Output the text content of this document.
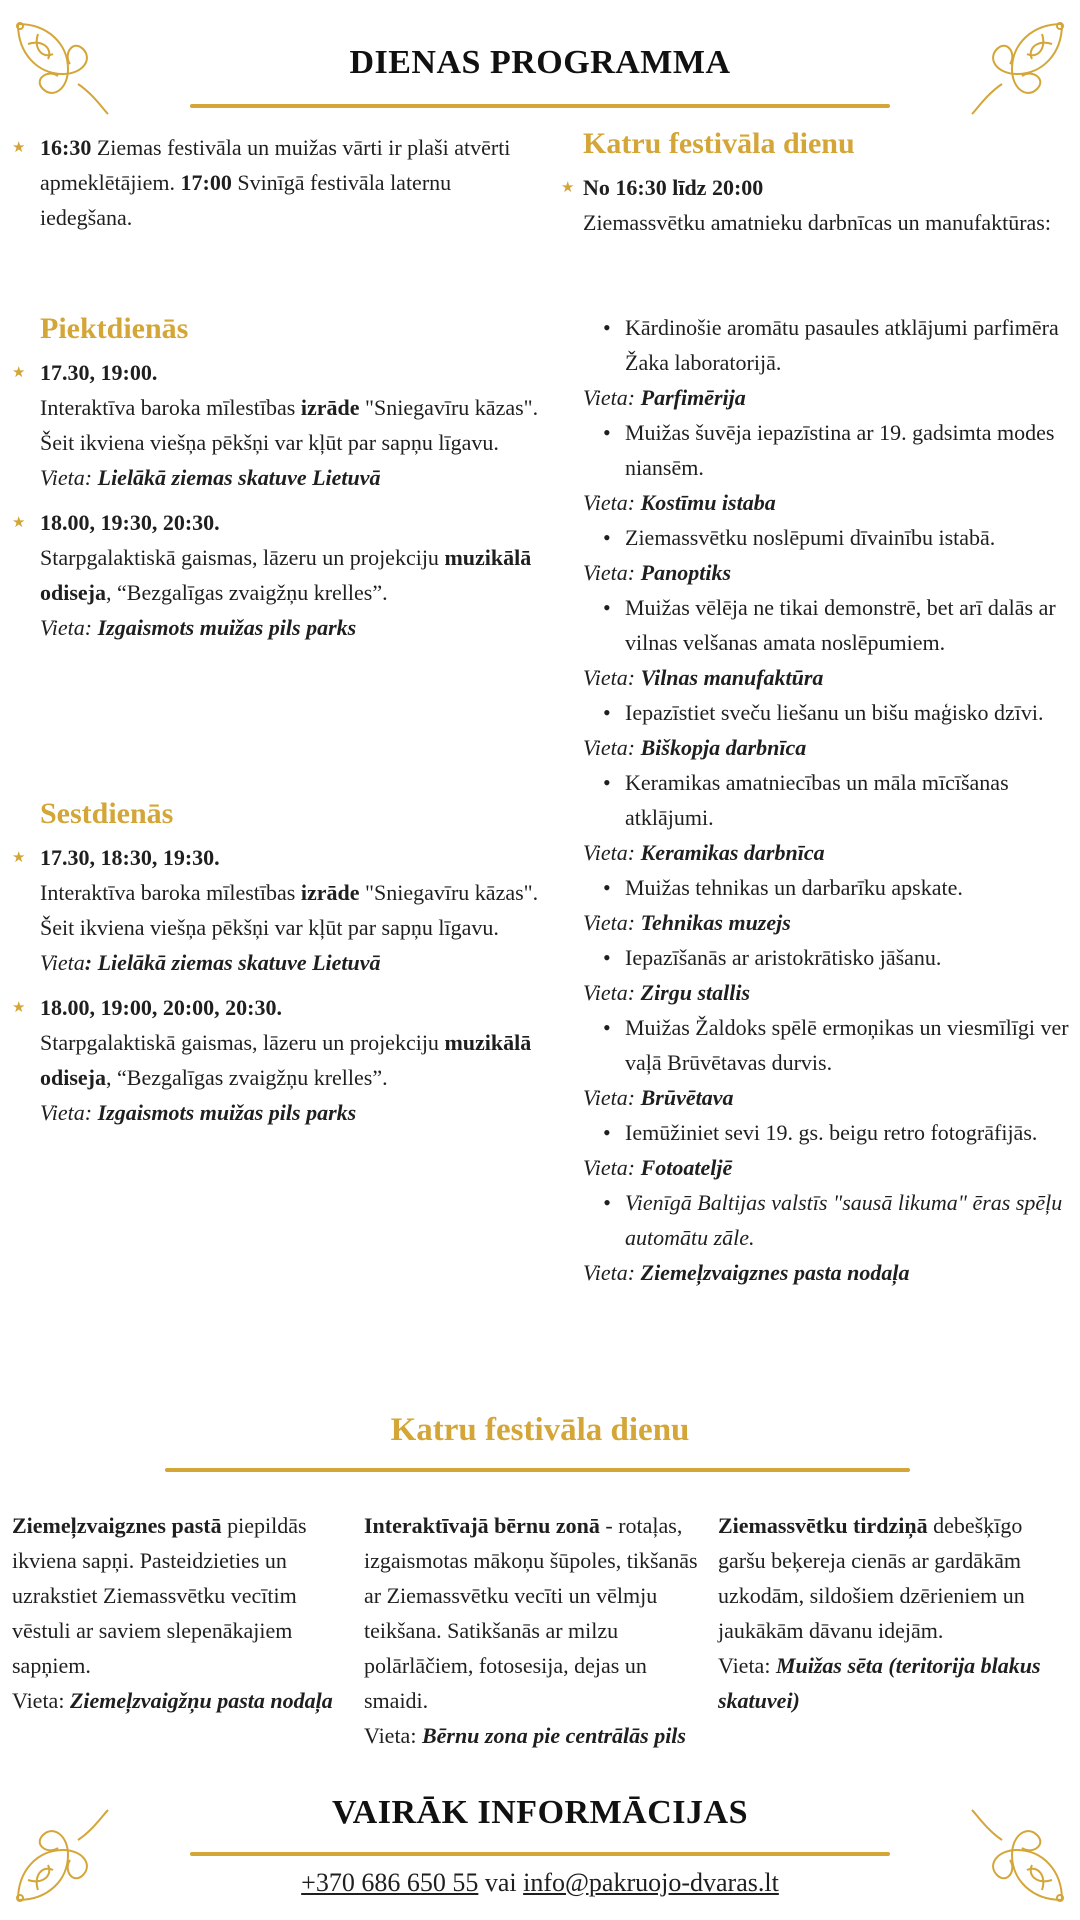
DIENAS PROGRAMMA
★ 16:30 Ziemas festivāla un muižas vārti ir plaši atvērti apmeklētājiem. 17:00 Svinīgā festivāla laternu iedegšana.
Piektdienās
★ 17.30, 19:00.
Interaktīva baroka mīlestības izrāde "Sniegavīru kāzas". Šeit ikviena viešņa pēkšņi var kļūt par sapņu līgavu.
Vieta: Lielākā ziemas skatuve Lietuvā
★ 18.00, 19:30, 20:30.
Starpgalaktiskā gaismas, lāzeru un projekciju muzikālā odiseja, “Bezgalīgas zvaigžņu krelles”.
Vieta: Izgaismots muižas pils parks
Sestdienās
★ 17.30, 18:30, 19:30.
Interaktīva baroka mīlestības izrāde "Sniegavīru kāzas". Šeit ikviena viešņa pēkšņi var kļūt par sapņu līgavu.
Vieta: Lielākā ziemas skatuve Lietuvā
★ 18.00, 19:00, 20:00, 20:30.
Starpgalaktiskā gaismas, lāzeru un projekciju muzikālā odiseja, “Bezgalīgas zvaigžņu krelles”.
Vieta: Izgaismots muižas pils parks
Katru festivāla dienu
★ No 16:30 līdz 20:00
Ziemassvētku amatnieku darbnīcas un manufaktūras:
• Kārdinošie aromātu pasaules atklājumi parfimēra Žaka laboratorijā.
Vieta: Parfimērija
• Muižas šuvēja iepazīstina ar 19. gadsimta modes niansēm.
Vieta: Kostīmu istaba
• Ziemassvētku noslēpumi dīvainību istabā.
Vieta: Panoptiks
• Muižas vēlēja ne tikai demonstrē, bet arī dalās ar vilnas velšanas amata noslēpumiem.
Vieta: Vilnas manufaktūra
• Iepazīstiet sveču liešanu un bišu maģisko dzīvi.
Vieta: Biškopja darbnīca
• Keramikas amatniecības un māla mīcīšanas atklājumi.
Vieta: Keramikas darbnīca
• Muižas tehnikas un darbarīku apskate.
Vieta: Tehnikas muzejs
• Iepazīšanās ar aristokrātisko jāšanu.
Vieta: Zirgu stallis
• Muižas Žaldoks spēlē ermoņikas un viesmīlīgi ver vaļā Brūvētavas durvis.
Vieta: Brūvētava
• Iemūžiniet sevi 19. gs. beigu retro fotogrāfijās.
Vieta: Fotoateljē
• Vienīgā Baltijas valstīs "sausā likuma" ēras spēļu automātu zāle.
Vieta: Ziemeļzvaigznes pasta nodaļa
Katru festivāla dienu
Ziemeļzvaigznes pastā piepildās ikviena sapņi. Pasteidzieties un uzrakstiet Ziemassvētku vecītim vēstuli ar saviem slepenākajiem sapņiem.
Vieta: Ziemeļzvaigžņu pasta nodaļa
Interaktīvajā bērnu zonā - rotaļas, izgaismotas mākoņu šūpoles, tikšanās ar Ziemassvētku vecīti un vēlmju teikšana. Satikšanās ar milzu polārlāčiem, fotosesija, dejas un smaidi.
Vieta: Bērnu zona pie centrālās pils
Ziemassvētku tirdziņā debešķīgo garšu beķereja cienās ar gardākām uzkodām, sildošiem dzērieniem un jaukākām dāvanu idejām.
Vieta: Muižas sēta (teritorija blakus skatuvei)
VAIRĀK INFORMĀCIJAS
+370 686 650 55 vai info@pakruojo-dvaras.lt
